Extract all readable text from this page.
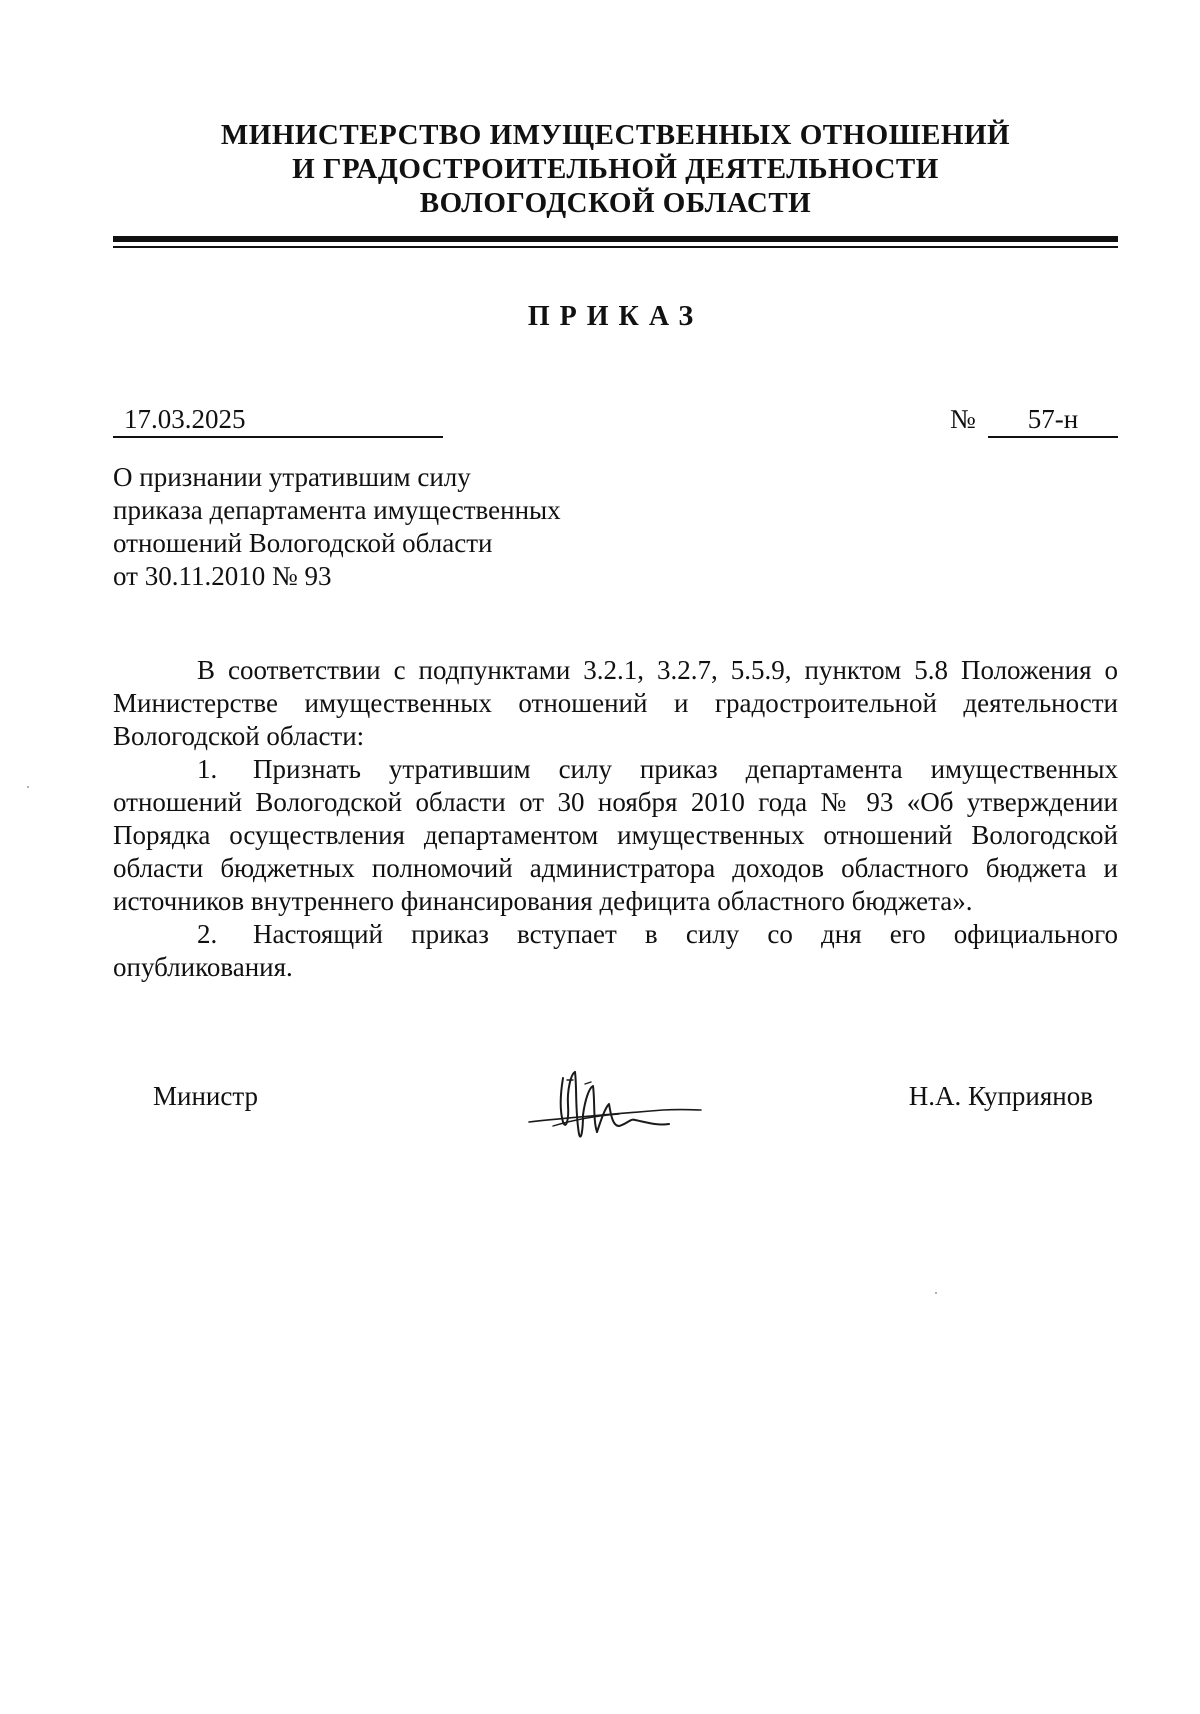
МИНИСТЕРСТВО ИМУЩЕСТВЕННЫХ ОТНОШЕНИЙ
И ГРАДОСТРОИТЕЛЬНОЙ ДЕЯТЕЛЬНОСТИ
ВОЛОГОДСКОЙ ОБЛАСТИ
ПРИКАЗ
17.03.2025	№	57-н
О признании утратившим силу
приказа департамента имущественных
отношений Вологодской области
от 30.11.2010 № 93

В соответствии с подпунктами 3.2.1, 3.2.7, 5.5.9, пунктом 5.8 Положения о Министерстве имущественных отношений и градостроительной деятельности Вологодской области:

1. Признать утратившим силу приказ департамента имущественных отношений Вологодской области от 30 ноября 2010 года № 93 «Об утверждении Порядка осуществления департаментом имущественных отношений Вологодской области бюджетных полномочий администратора доходов областного бюджета и источников внутреннего финансирования дефицита областного бюджета».

2. Настоящий приказ вступает в силу со дня его официального опубликования.

Министр	Н.А. Куприянов
